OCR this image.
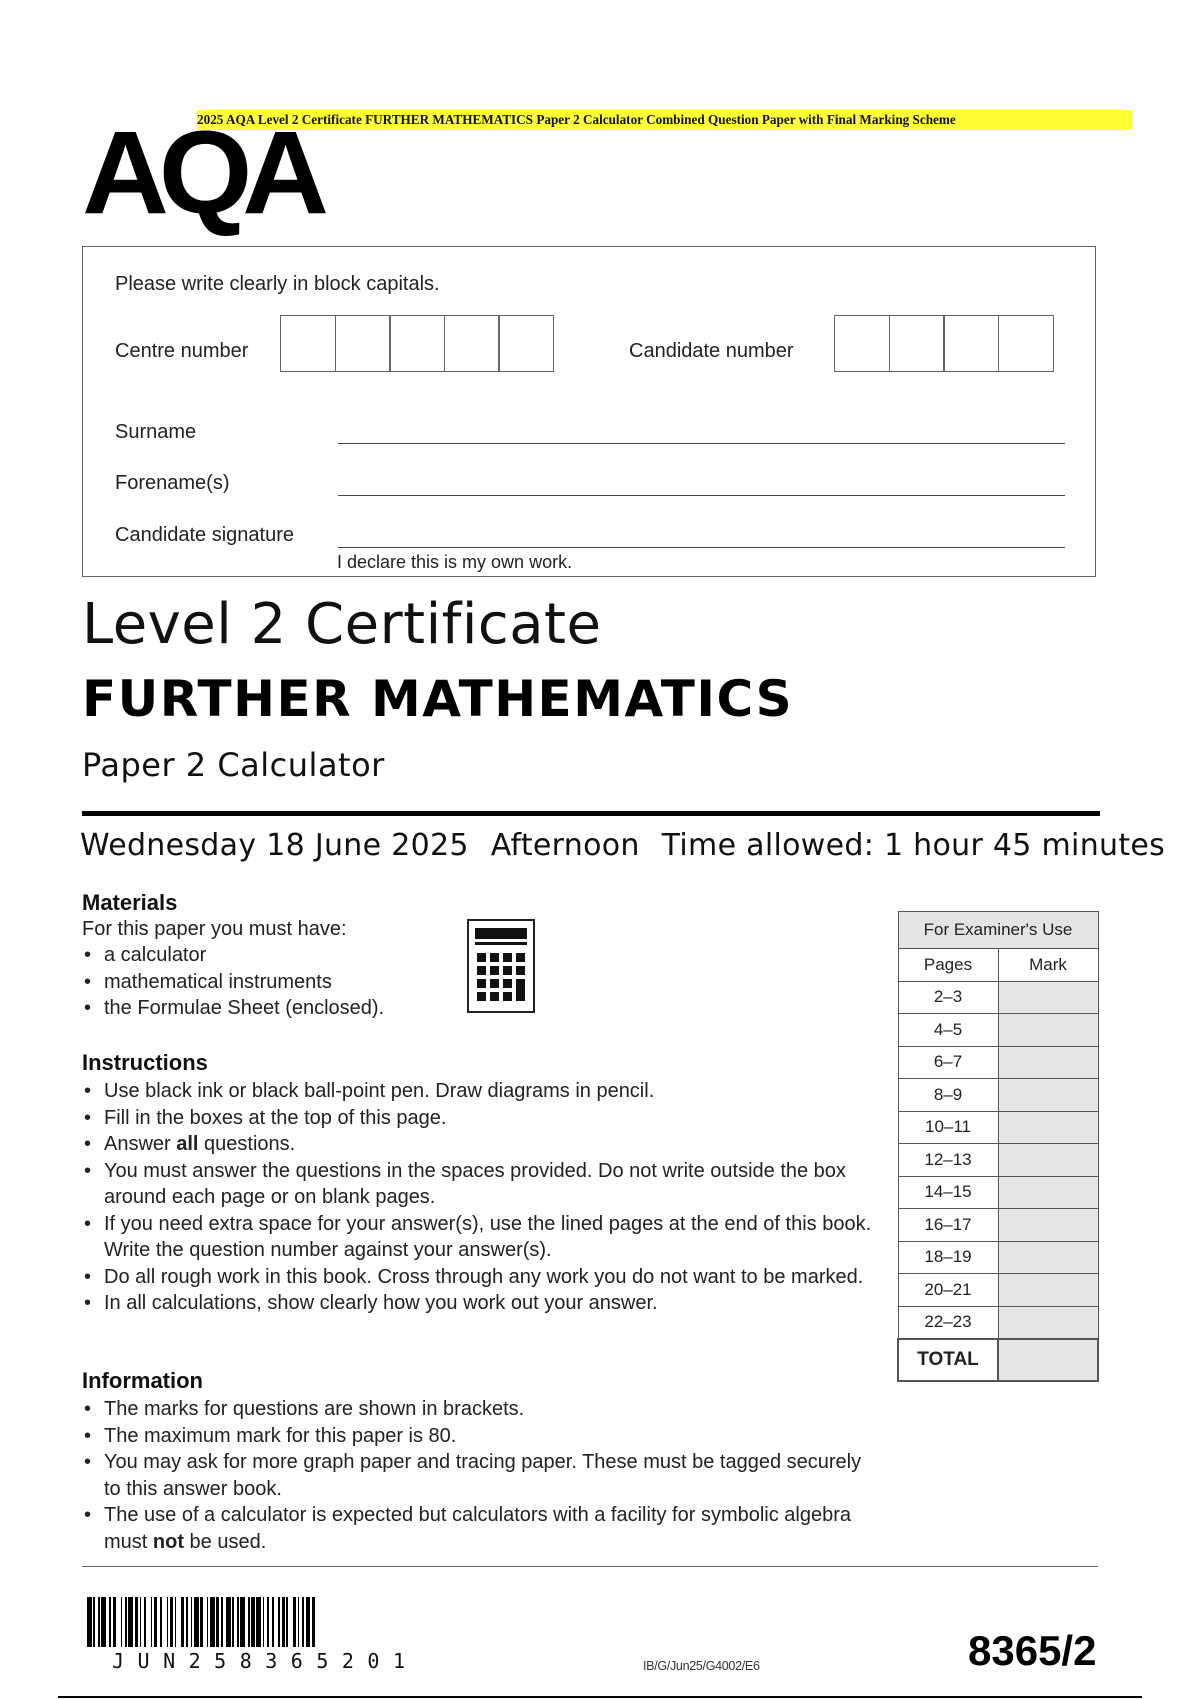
2025 AQA Level 2 Certificate FURTHER MATHEMATICS Paper 2 Calculator Combined Question Paper with Final Marking Scheme
AQA
Please write clearly in block capitals.
Centre number	Candidate number
Surname
Forename(s)
Candidate signature
I declare this is my own work.
Level 2 Certificate
FURTHER MATHEMATICS
Paper 2 Calculator
Wednesday 18 June 2025 Afternoon Time allowed: 1 hour 45 minutes
Materials
For this paper you must have:
• a calculator
• mathematical instruments
• the Formulae Sheet (enclosed).
Instructions
• Use black ink or black ball-point pen. Draw diagrams in pencil.
• Fill in the boxes at the top of this page.
• Answer all questions.
• You must answer the questions in the spaces provided. Do not write outside the box around each page or on blank pages.
• If you need extra space for your answer(s), use the lined pages at the end of this book. Write the question number against your answer(s).
• Do all rough work in this book. Cross through any work you do not want to be marked.
• In all calculations, show clearly how you work out your answer.
Information
• The marks for questions are shown in brackets.
• The maximum mark for this paper is 80.
• You may ask for more graph paper and tracing paper. These must be tagged securely to this answer book.
• The use of a calculator is expected but calculators with a facility for symbolic algebra must not be used.
For Examiner's Use	
Pages	Mark
2–3	
4–5	
6–7	
8–9	
10–11	
12–13	
14–15	
16–17	
18–19	
20–21	
22–23	
TOTAL	
JUN258365201	IB/G/Jun25/G4002/E6	8365/2
